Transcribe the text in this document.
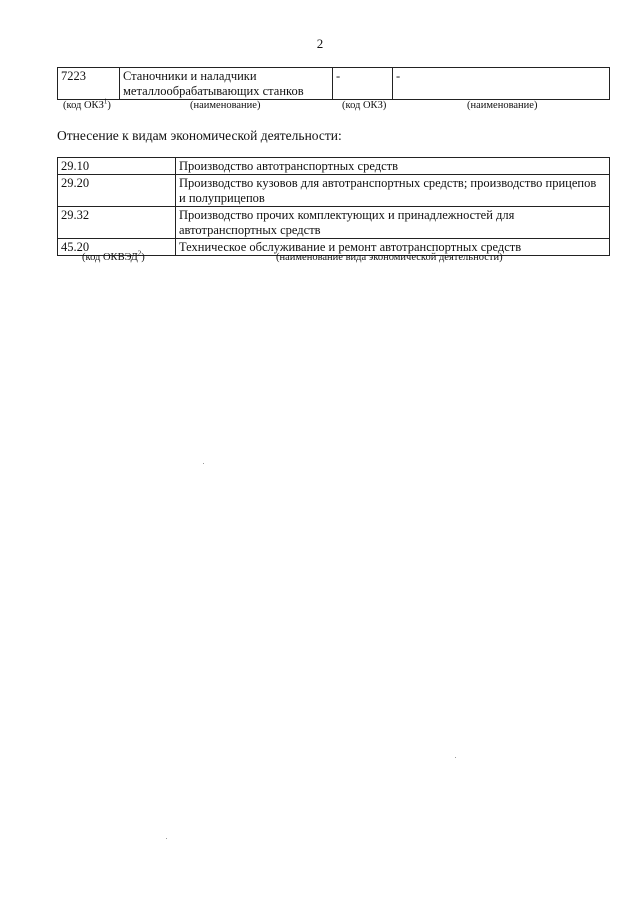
2
7223	Станочники и наладчики металлообрабатывающих станков	-	-
(код ОКЗ$^1$)	(наименование)	(код ОКЗ)	(наименование)
Отнесение к видам экономической деятельности:
29.10	Производство автотранспортных средств
29.20	Производство кузовов для автотранспортных средств; производство прицепов и полуприцепов
29.32	Производство прочих комплектующих и принадлежностей для автотранспортных средств
45.20	Техническое обслуживание и ремонт автотранспортных средств
(код ОКВЭД$^2$)	(наименование вида экономической деятельности)
